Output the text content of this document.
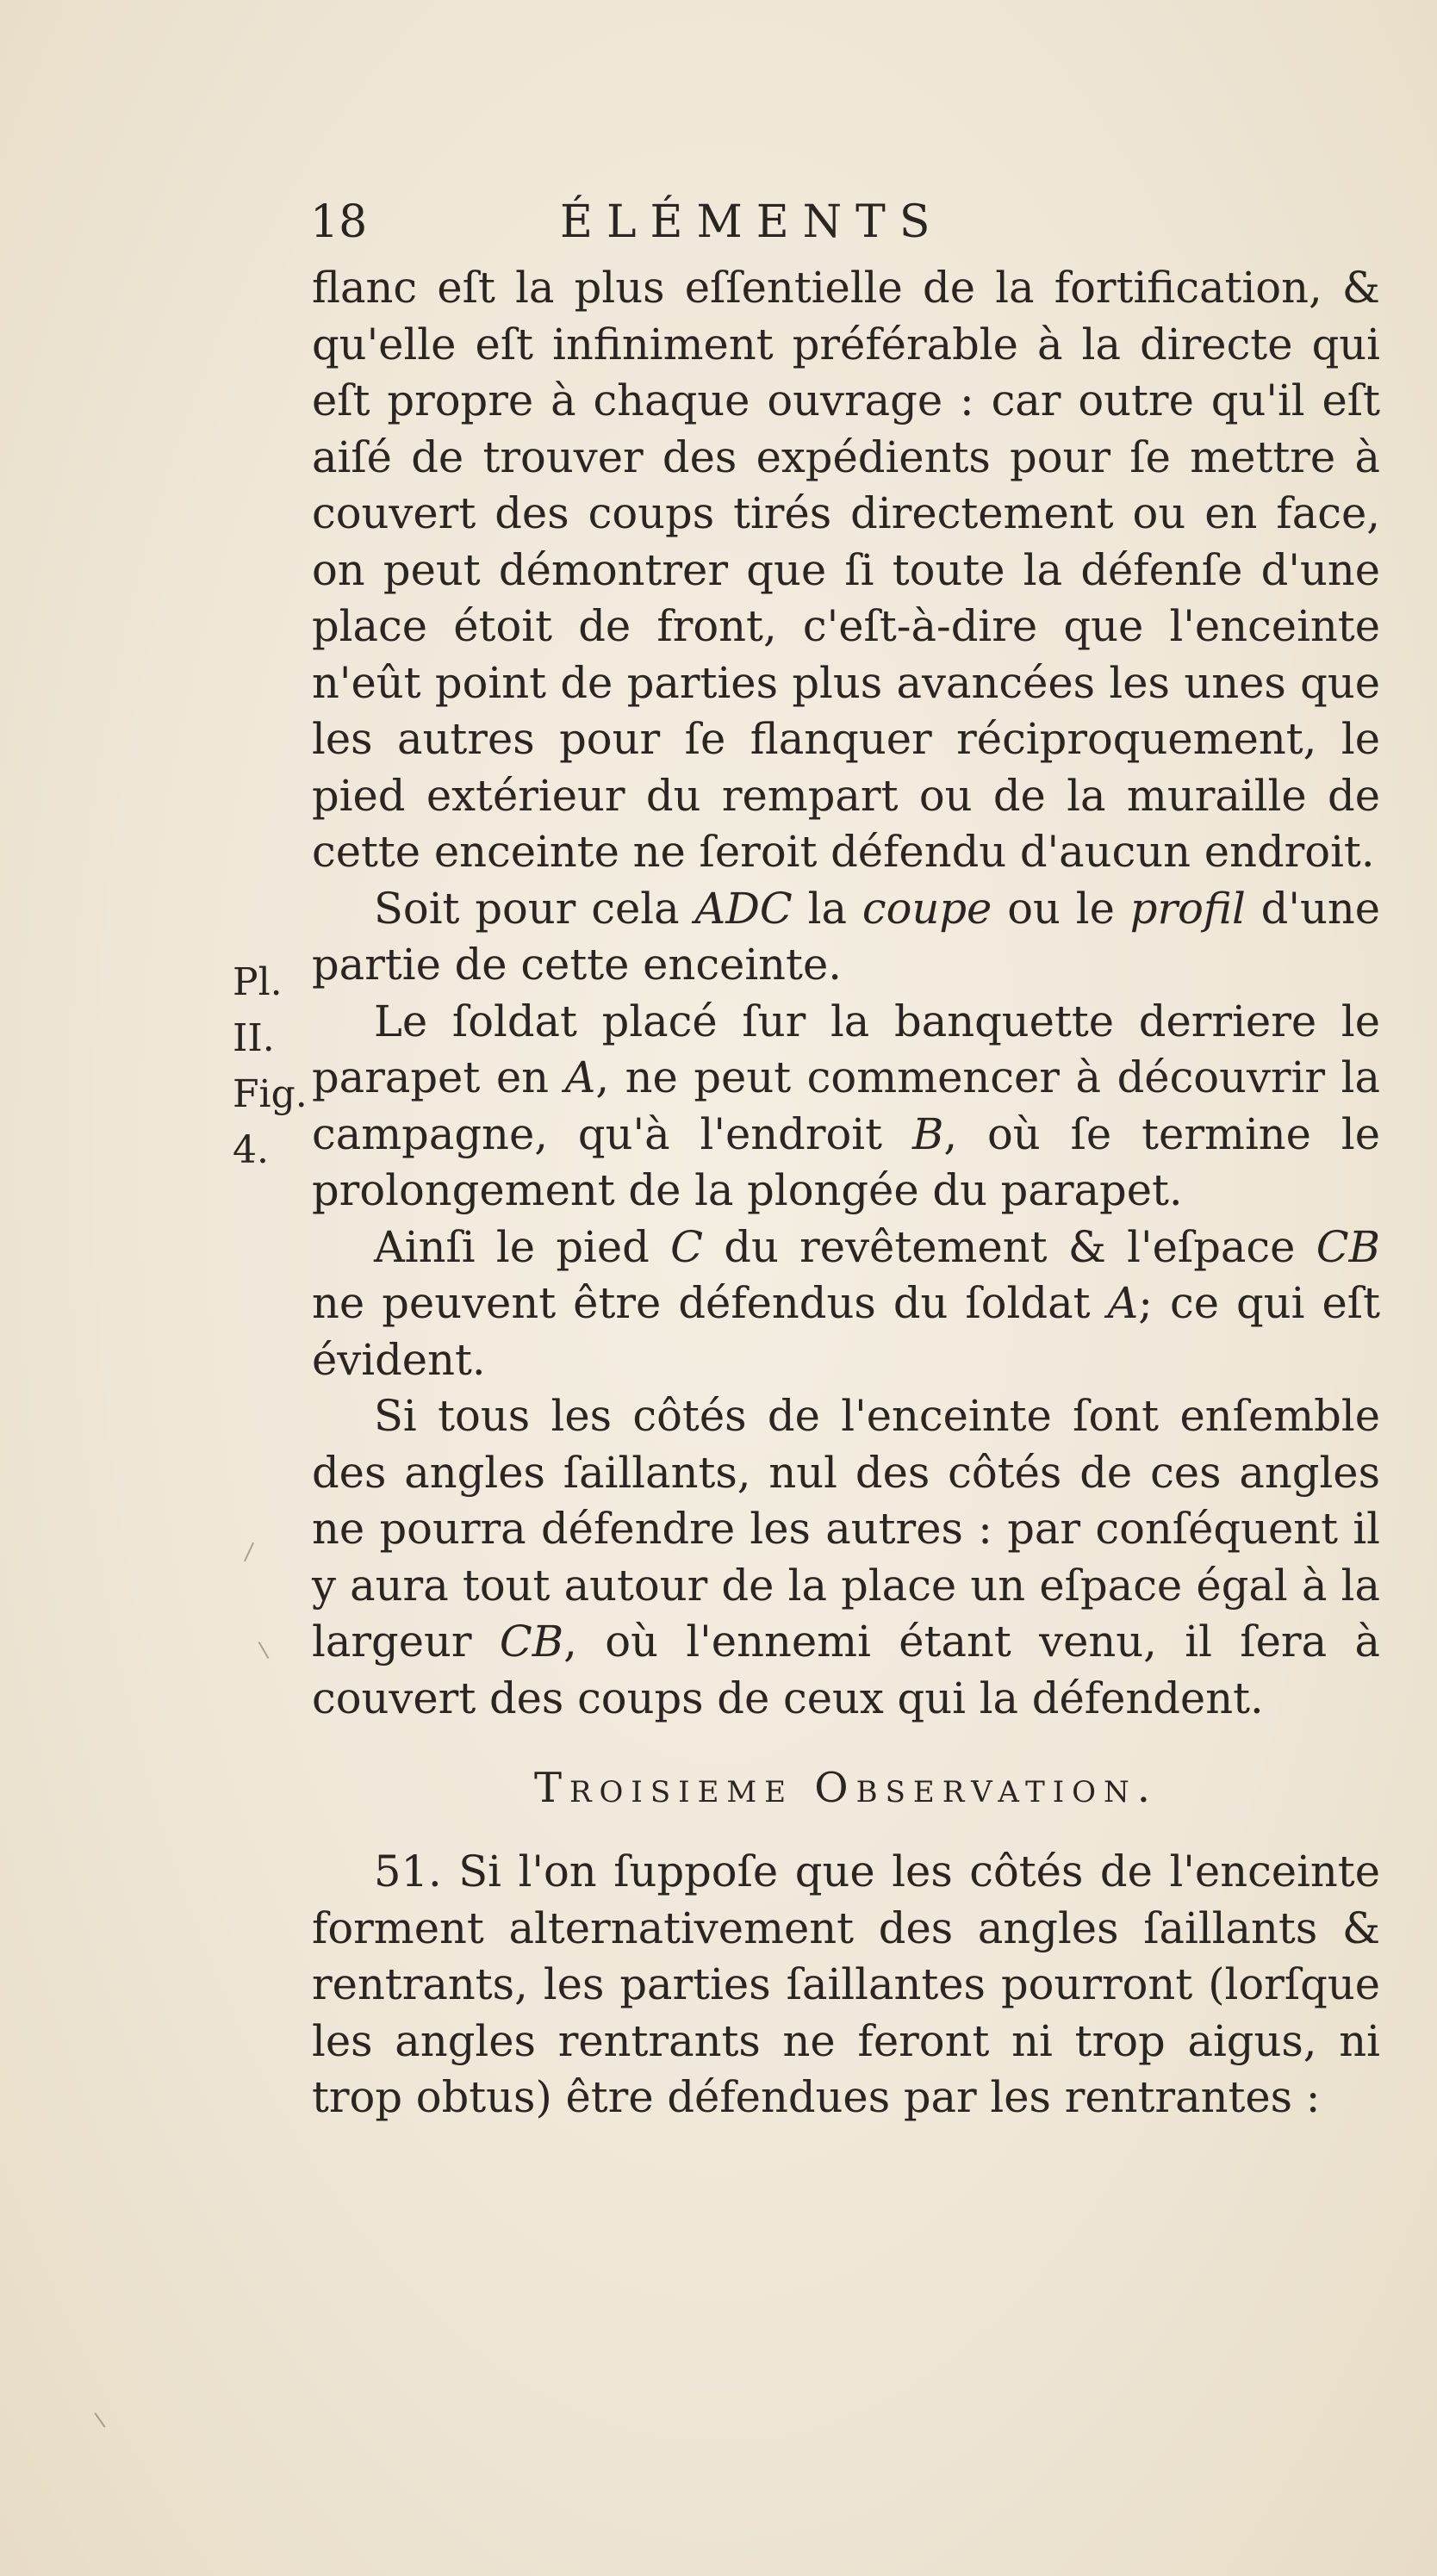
18	ÉLÉMENTS
Pl. II.
Fig. 4.

flanc eſt la plus eſſentielle de la fortification, & qu'elle eſt infiniment préférable à la directe qui eſt propre à chaque ouvrage : car outre qu'il eſt aiſé de trouver des expédients pour ſe mettre à couvert des coups tirés directement ou en face, on peut démontrer que ſi toute la défenſe d'une place étoit de front, c'eſt-à-dire que l'enceinte n'eût point de parties plus avancées les unes que les autres pour ſe flanquer réciproquement, le pied extérieur du rempart ou de la muraille de cette enceinte ne ſeroit défendu d'aucun endroit.

Soit pour cela ADC la coupe ou le profil d'une partie de cette enceinte.

Le ſoldat placé ſur la banquette derriere le parapet en A, ne peut commencer à découvrir la campagne, qu'à l'endroit B, où ſe termine le prolongement de la plongée du parapet.

Ainſi le pied C du revêtement & l'eſpace CB ne peuvent être défendus du ſoldat A; ce qui eſt évident.

Si tous les côtés de l'enceinte ſont enſemble des angles ſaillants, nul des côtés de ces angles ne pourra défendre les autres : par conſéquent il y aura tout autour de la place un eſpace égal à la largeur CB, où l'ennemi étant venu, il ſera à couvert des coups de ceux qui la défendent.

Troisieme Observation.

51. Si l'on ſuppoſe que les côtés de l'enceinte forment alternativement des angles ſaillants & rentrants, les parties ſaillantes pourront (lorſque les angles rentrants ne feront ni trop aigus, ni trop obtus) être défendues par les rentrantes :
